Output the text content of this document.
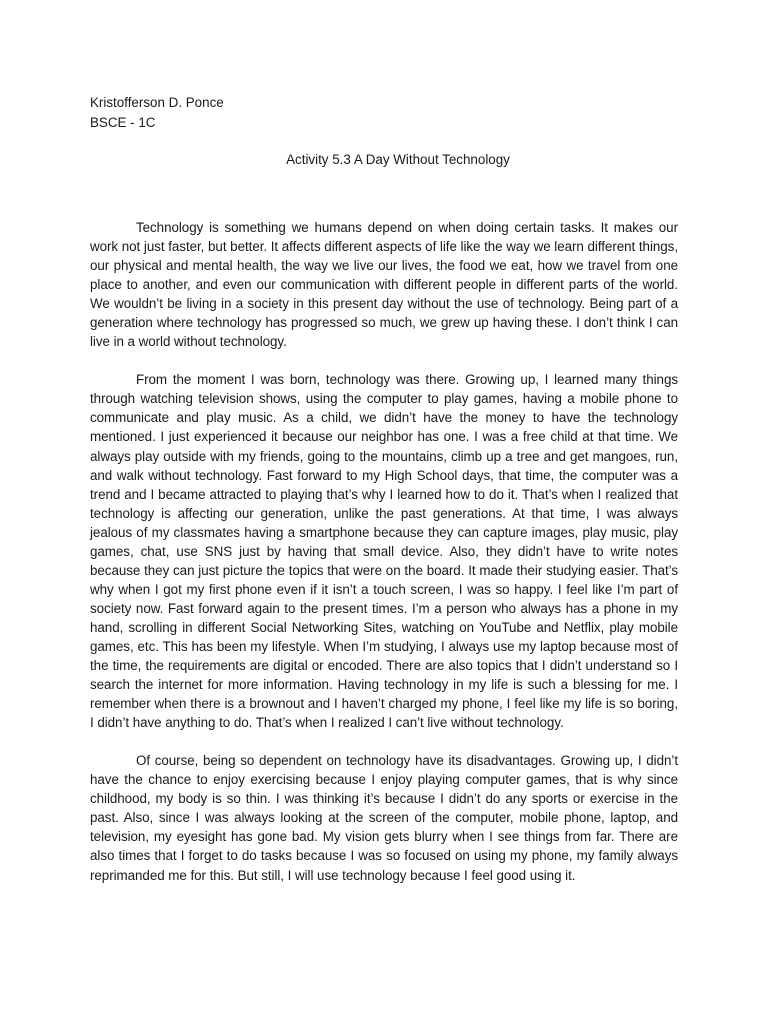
Kristofferson D. Ponce
BSCE - 1C
Activity 5.3 A Day Without Technology

Technology is something we humans depend on when doing certain tasks. It makes our work not just faster, but better. It affects different aspects of life like the way we learn different things, our physical and mental health, the way we live our lives, the food we eat, how we travel from one place to another, and even our communication with different people in different parts of the world. We wouldn’t be living in a society in this present day without the use of technology. Being part of a generation where technology has progressed so much, we grew up having these. I don’t think I can live in a world without technology.

From the moment I was born, technology was there. Growing up, I learned many things through watching television shows, using the computer to play games, having a mobile phone to communicate and play music. As a child, we didn’t have the money to have the technology mentioned. I just experienced it because our neighbor has one. I was a free child at that time. We always play outside with my friends, going to the mountains, climb up a tree and get mangoes, run, and walk without technology. Fast forward to my High School days, that time, the computer was a trend and I became attracted to playing that’s why I learned how to do it. That’s when I realized that technology is affecting our generation, unlike the past generations. At that time, I was always jealous of my classmates having a smartphone because they can capture images, play music, play games, chat, use SNS just by having that small device. Also, they didn’t have to write notes because they can just picture the topics that were on the board. It made their studying easier. That’s why when I got my first phone even if it isn’t a touch screen, I was so happy. I feel like I’m part of society now. Fast forward again to the present times. I’m a person who always has a phone in my hand, scrolling in different Social Networking Sites, watching on YouTube and Netflix, play mobile games, etc. This has been my lifestyle. When I’m studying, I always use my laptop because most of the time, the requirements are digital or encoded. There are also topics that I didn’t understand so I search the internet for more information. Having technology in my life is such a blessing for me. I remember when there is a brownout and I haven’t charged my phone, I feel like my life is so boring, I didn’t have anything to do. That’s when I realized I can’t live without technology.

Of course, being so dependent on technology have its disadvantages. Growing up, I didn’t have the chance to enjoy exercising because I enjoy playing computer games, that is why since childhood, my body is so thin. I was thinking it’s because I didn’t do any sports or exercise in the past. Also, since I was always looking at the screen of the computer, mobile phone, laptop, and television, my eyesight has gone bad. My vision gets blurry when I see things from far. There are also times that I forget to do tasks because I was so focused on using my phone, my family always reprimanded me for this. But still, I will use technology because I feel good using it.
